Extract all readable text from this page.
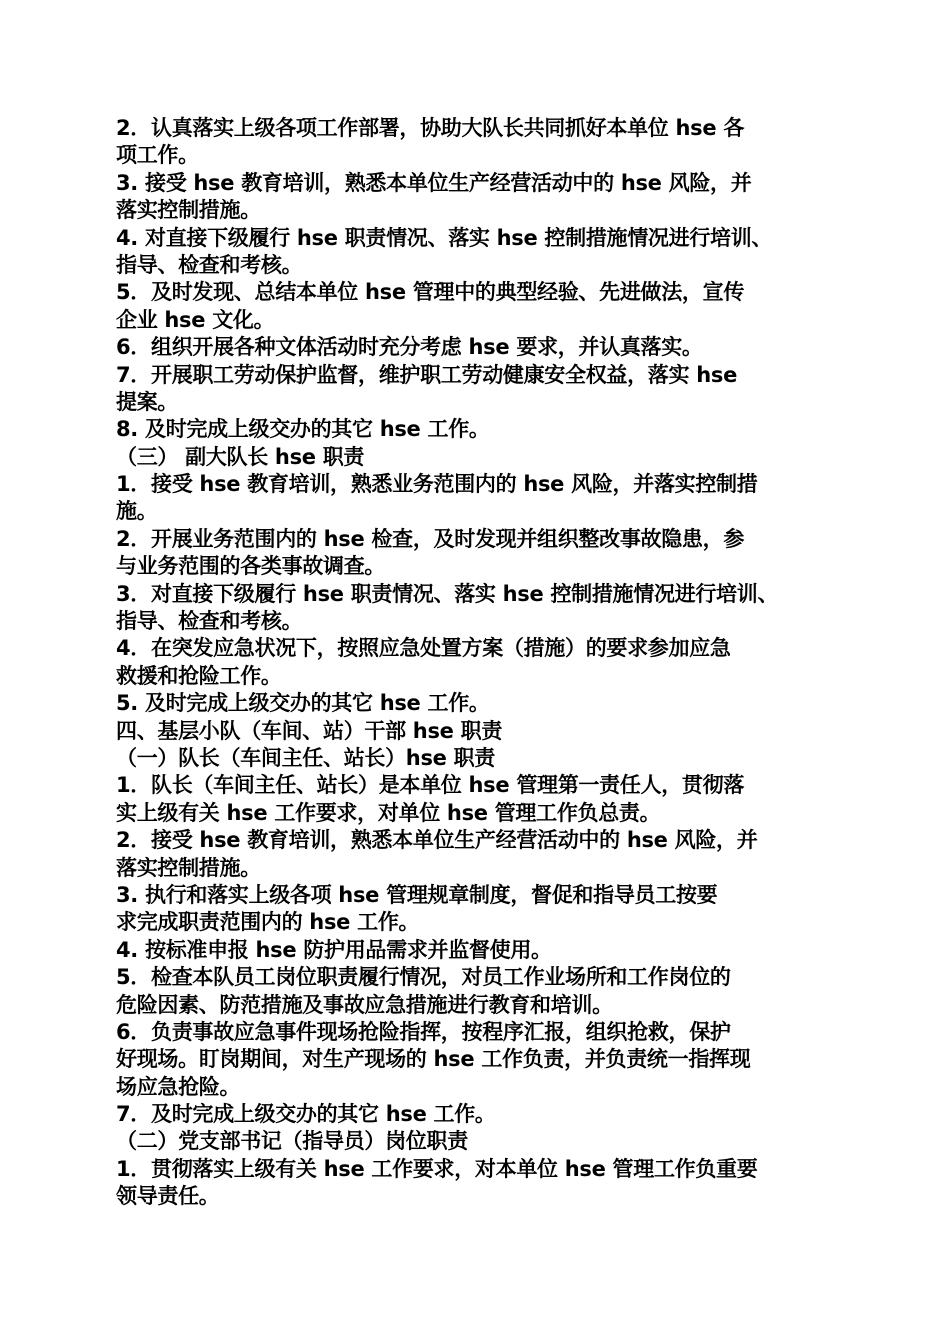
2．认真落实上级各项工作部署，协助大队长共同抓好本单位 hse 各
项工作。
3. 接受 hse 教育培训，熟悉本单位生产经营活动中的 hse 风险，并
落实控制措施。
4. 对直接下级履行 hse 职责情况、落实 hse 控制措施情况进行培训、
指导、检查和考核。
5．及时发现、总结本单位 hse 管理中的典型经验、先进做法，宣传
企业 hse 文化。
6．组织开展各种文体活动时充分考虑 hse 要求，并认真落实。
7．开展职工劳动保护监督，维护职工劳动健康安全权益，落实 hse
提案。
8. 及时完成上级交办的其它 hse 工作。
（三） 副大队长 hse 职责
1．接受 hse 教育培训，熟悉业务范围内的 hse 风险，并落实控制措
施。
2．开展业务范围内的 hse 检查，及时发现并组织整改事故隐患，参
与业务范围的各类事故调查。
3．对直接下级履行 hse 职责情况、落实 hse 控制措施情况进行培训、
指导、检查和考核。
4．在突发应急状况下，按照应急处置方案（措施）的要求参加应急
救援和抢险工作。
5. 及时完成上级交办的其它 hse 工作。
四、基层小队（车间、站）干部 hse 职责
（一）队长（车间主任、站长）hse 职责
1．队长（车间主任、站长）是本单位 hse 管理第一责任人，贯彻落
实上级有关 hse 工作要求，对单位 hse 管理工作负总责。
2．接受 hse 教育培训，熟悉本单位生产经营活动中的 hse 风险，并
落实控制措施。
3. 执行和落实上级各项 hse 管理规章制度，督促和指导员工按要
求完成职责范围内的 hse 工作。
4. 按标准申报 hse 防护用品需求并监督使用。
5．检查本队员工岗位职责履行情况，对员工作业场所和工作岗位的
危险因素、防范措施及事故应急措施进行教育和培训。
6．负责事故应急事件现场抢险指挥，按程序汇报，组织抢救，保护
好现场。盯岗期间，对生产现场的 hse 工作负责，并负责统一指挥现
场应急抢险。
7．及时完成上级交办的其它 hse 工作。
（二）党支部书记（指导员）岗位职责
1．贯彻落实上级有关 hse 工作要求，对本单位 hse 管理工作负重要
领导责任。
